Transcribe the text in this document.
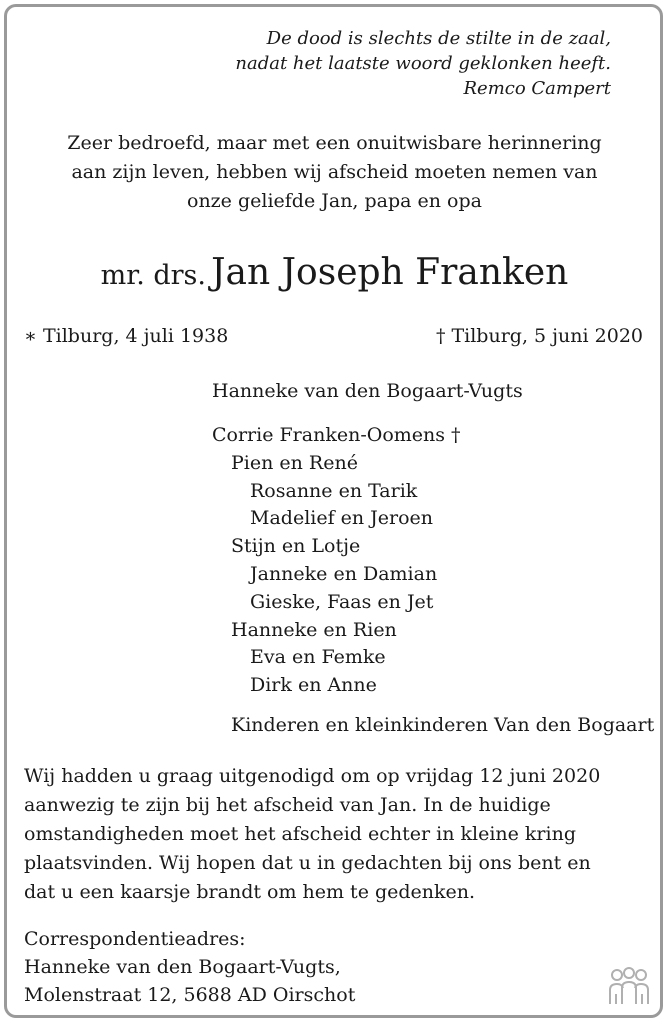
De dood is slechts de stilte in de zaal,
nadat het laatste woord geklonken heeft.
Remco Campert
Zeer bedroefd, maar met een onuitwisbare herinnering
aan zijn leven, hebben wij afscheid moeten nemen van
onze geliefde Jan, papa en opa
mr. drs. Jan Joseph Franken
∗ Tilburg, 4 juli 1938	† Tilburg, 5 juni 2020
Hanneke van den Bogaart-Vugts
Corrie Franken-Oomens †
Pien en René
Rosanne en Tarik
Madelief en Jeroen
Stijn en Lotje
Janneke en Damian
Gieske, Faas en Jet
Hanneke en Rien
Eva en Femke
Dirk en Anne
Kinderen en kleinkinderen Van den Bogaart
Wij hadden u graag uitgenodigd om op vrijdag 12 juni 2020
aanwezig te zijn bij het afscheid van Jan. In de huidige
omstandigheden moet het afscheid echter in kleine kring
plaatsvinden. Wij hopen dat u in gedachten bij ons bent en
dat u een kaarsje brandt om hem te gedenken.
Correspondentieadres:
Hanneke van den Bogaart-Vugts,
Molenstraat 12, 5688 AD Oirschot
